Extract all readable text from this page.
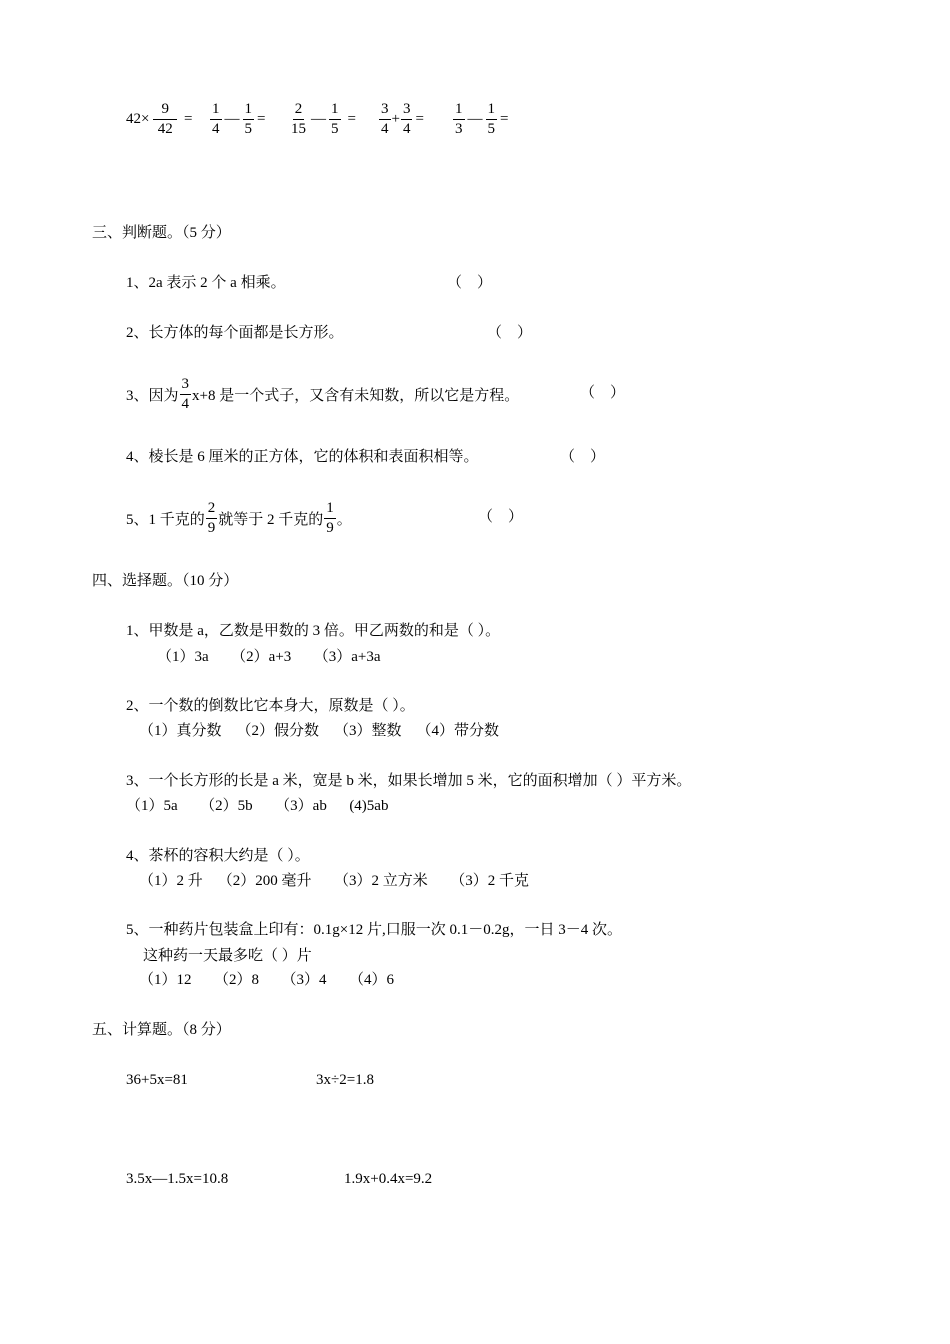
$42\times \frac{9}{42} = \frac{1}{4}$ — $\frac{1}{5} = \frac{2}{15}$ — $\frac{1}{5} = \frac{3}{4} + \frac{3}{4} = \frac{1}{3}$ — $\frac{1}{5}$ =
三、判断题。（5 分）
1、2a 表示 2 个 a 相乘。	（    ）
2、长方体的每个面都是长方形。	（    ）
3、因为 $\frac{3}{4} x+8$ 是一个式子，又含有未知数，所以它是方程。	（    ）
4、棱长是 6 厘米的正方体，它的体积和表面积相等。	（    ）
5、1 千克的 $\frac{2}{9}$ 就等于 2 千克的 $\frac{1}{9}$ 。	（    ）
四、选择题。（10 分）
1、甲数是 a，乙数是甲数的 3 倍。甲乙两数的和是（ ）。
（1）3a      （2）a+3      （3）a+3a
2、一个数的倒数比它本身大，原数是（ ）。
（1）真分数    （2）假分数    （3）整数    （4）带分数
3、一个长方形的长是 a 米，宽是 b 米，如果长增加 5 米，它的面积增加（ ）平方米。
（1）5a      （2）5b      （3）ab      (4)5ab
4、茶杯的容积大约是（ ）。
（1）2 升    （2）200 毫升      （3）2 立方米      （3）2 千克
5、一种药片包装盒上印有：0.1g×12 片,口服一次 0.1－0.2g，一日 3－4 次。
这种药一天最多吃（ ）片
（1）12      （2）8      （3）4      （4）6
五、计算题。（8 分）
36+5x=81	3x÷2=1.8
3.5x—1.5x=10.8	1.9x+0.4x=9.2
